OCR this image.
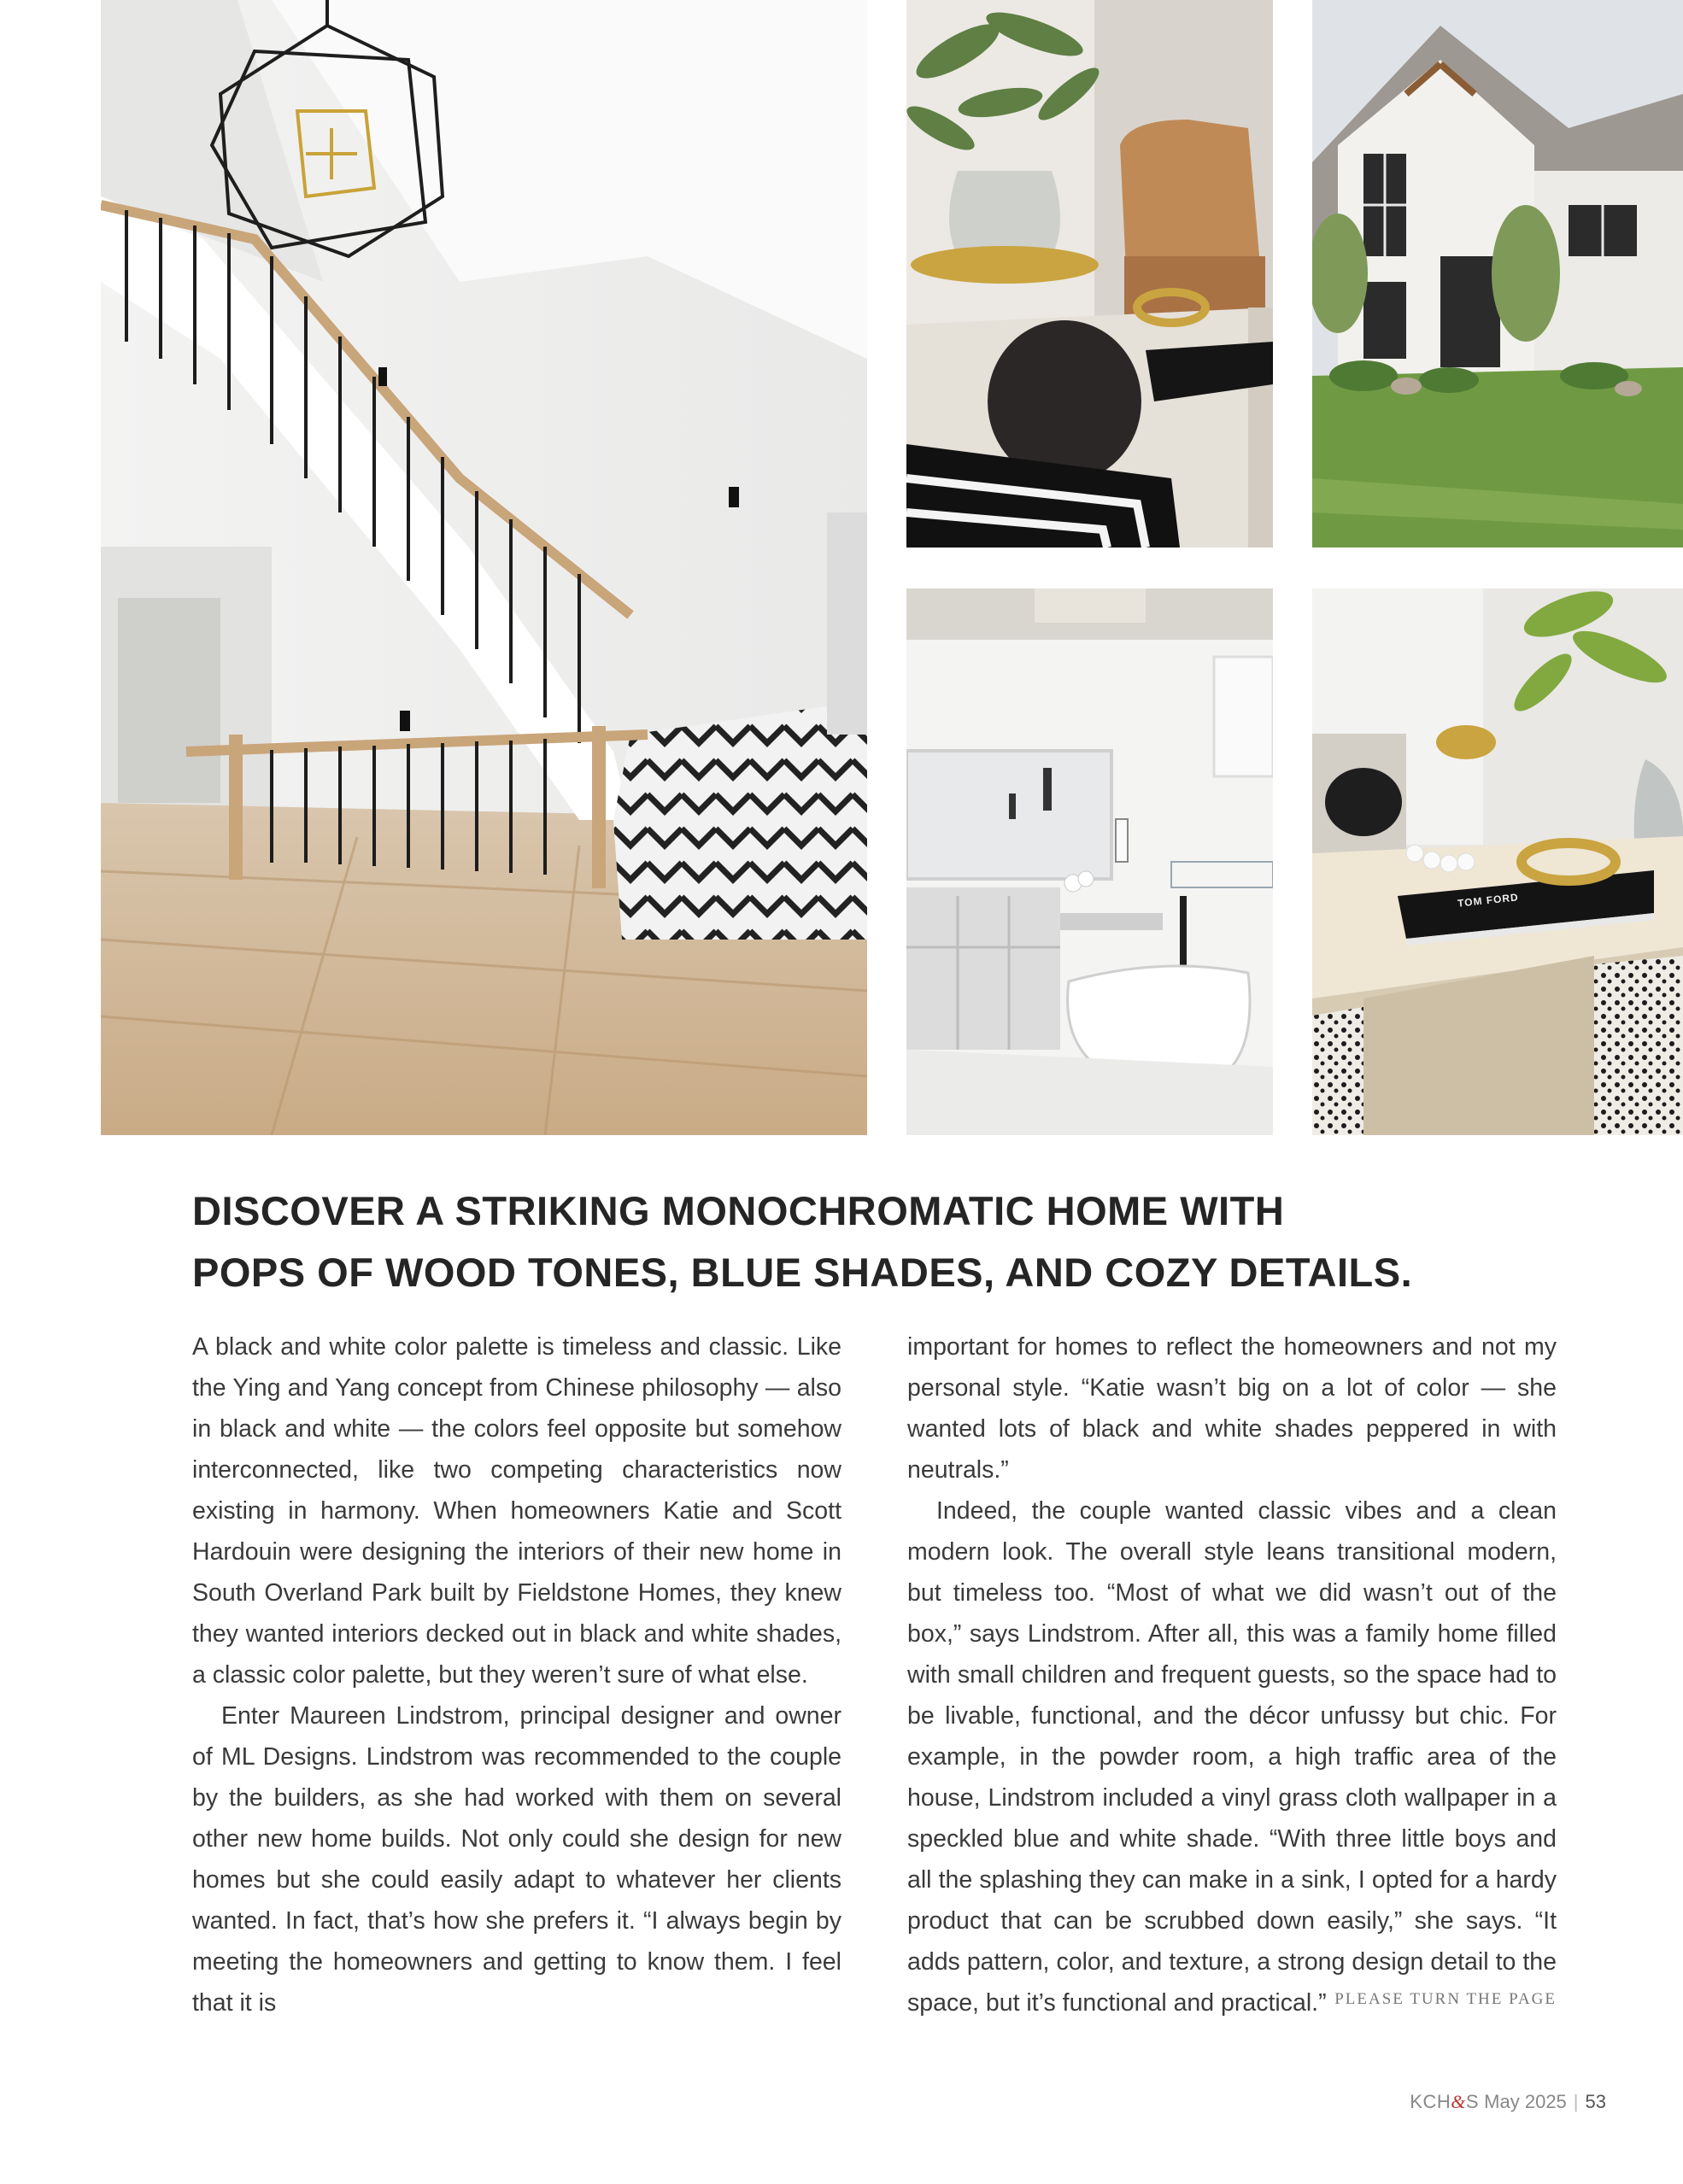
TOM FORD
DISCOVER A STRIKING MONOCHROMATIC HOME WITH
POPS OF WOOD TONES, BLUE SHADES, AND COZY DETAILS.

A black and white color palette is timeless and classic. Like the Ying and Yang concept from Chinese philosophy — also in black and white — the colors feel opposite but somehow interconnected, like two competing characteristics now existing in harmony. When homeowners Katie and Scott Hardouin were designing the interiors of their new home in South Overland Park built by Fieldstone Homes, they knew they wanted interiors decked out in black and white shades, a classic color palette, but they weren’t sure of what else.

Enter Maureen Lindstrom, principal designer and owner of ML Designs. Lindstrom was recommended to the couple by the builders, as she had worked with them on several other new home builds. Not only could she design for new homes but she could easily adapt to whatever her clients wanted. In fact, that’s how she prefers it. “I always begin by meeting the homeowners and getting to know them. I feel that it is

important for homes to reflect the homeowners and not my personal style. “Katie wasn’t big on a lot of color — she wanted lots of black and white shades peppered in with neutrals.”

Indeed, the couple wanted classic vibes and a clean modern look. The overall style leans transitional modern, but timeless too. “Most of what we did wasn’t out of the box,” says Lindstrom. After all, this was a family home filled with small children and frequent guests, so the space had to be livable, functional, and the décor unfussy but chic. For example, in the powder room, a high traffic area of the house, Lindstrom included a vinyl grass cloth wallpaper in a speckled blue and white shade. “With three little boys and all the splashing they can make in a sink, I opted for a hardy product that can be scrubbed down easily,” she says. “It adds pattern, color, and texture, a strong design detail to the space, but it’s functional and practical.” PLEASE TURN THE PAGE
KCH&S May 2025 | 53
